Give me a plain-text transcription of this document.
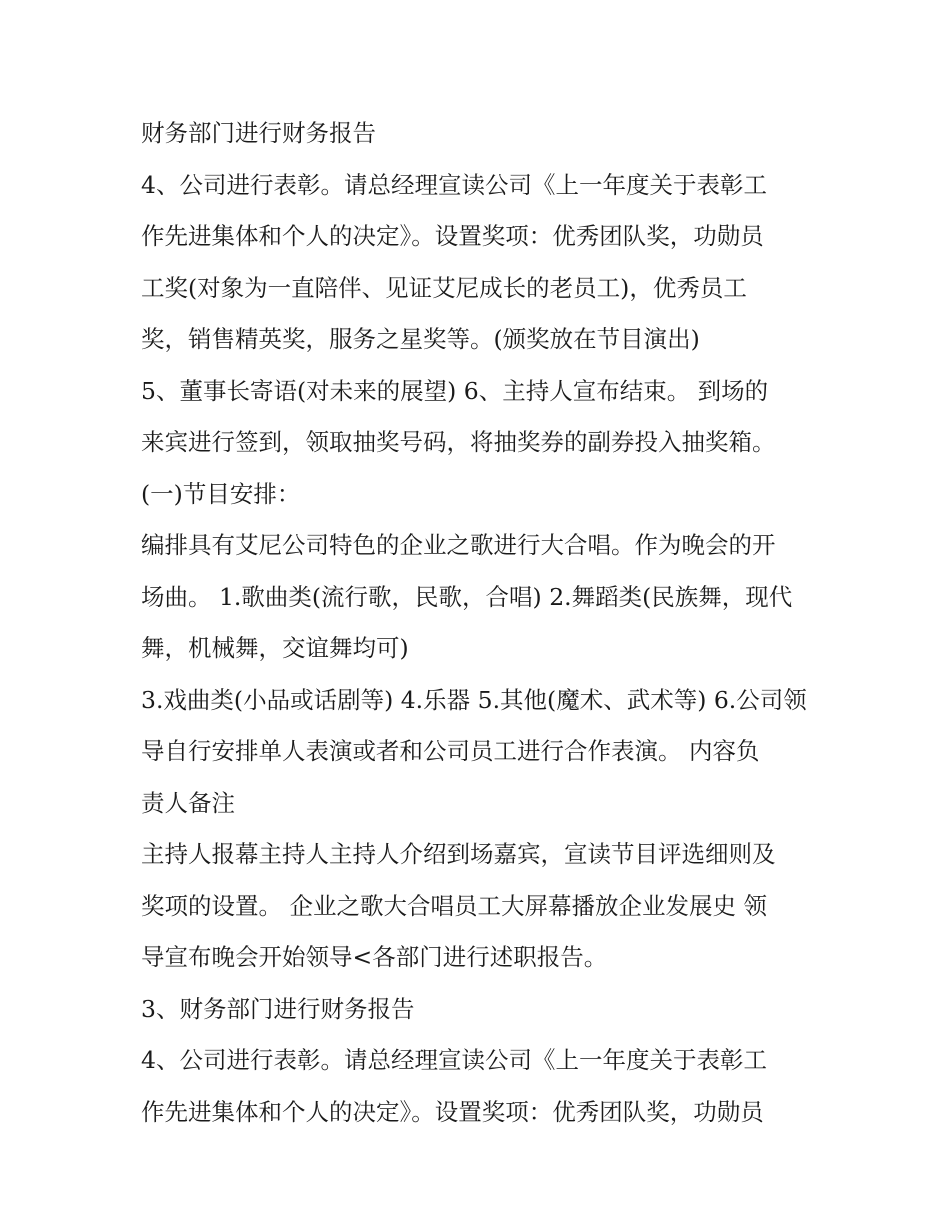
财务部门进行财务报告
4、公司进行表彰。请总经理宣读公司《上一年度关于表彰工
作先进集体和个人的决定》。设置奖项：优秀团队奖，功勋员
工奖(对象为一直陪伴、见证艾尼成长的老员工)，优秀员工
奖，销售精英奖，服务之星奖等。(颁奖放在节目演出)
5、董事长寄语(对未来的展望) 6、主持人宣布结束。 到场的
来宾进行签到，领取抽奖号码，将抽奖券的副券投入抽奖箱。
(一)节目安排：
编排具有艾尼公司特色的企业之歌进行大合唱。作为晚会的开
场曲。 1.歌曲类(流行歌，民歌，合唱) 2.舞蹈类(民族舞，现代
舞，机械舞，交谊舞均可)
3.戏曲类(小品或话剧等) 4.乐器 5.其他(魔术、武术等) 6.公司领
导自行安排单人表演或者和公司员工进行合作表演。 内容负
责人备注
主持人报幕主持人主持人介绍到场嘉宾，宣读节目评选细则及
奖项的设置。 企业之歌大合唱员工大屏幕播放企业发展史 领
导宣布晚会开始领导<各部门进行述职报告。
3、财务部门进行财务报告
4、公司进行表彰。请总经理宣读公司《上一年度关于表彰工
作先进集体和个人的决定》。设置奖项：优秀团队奖，功勋员
